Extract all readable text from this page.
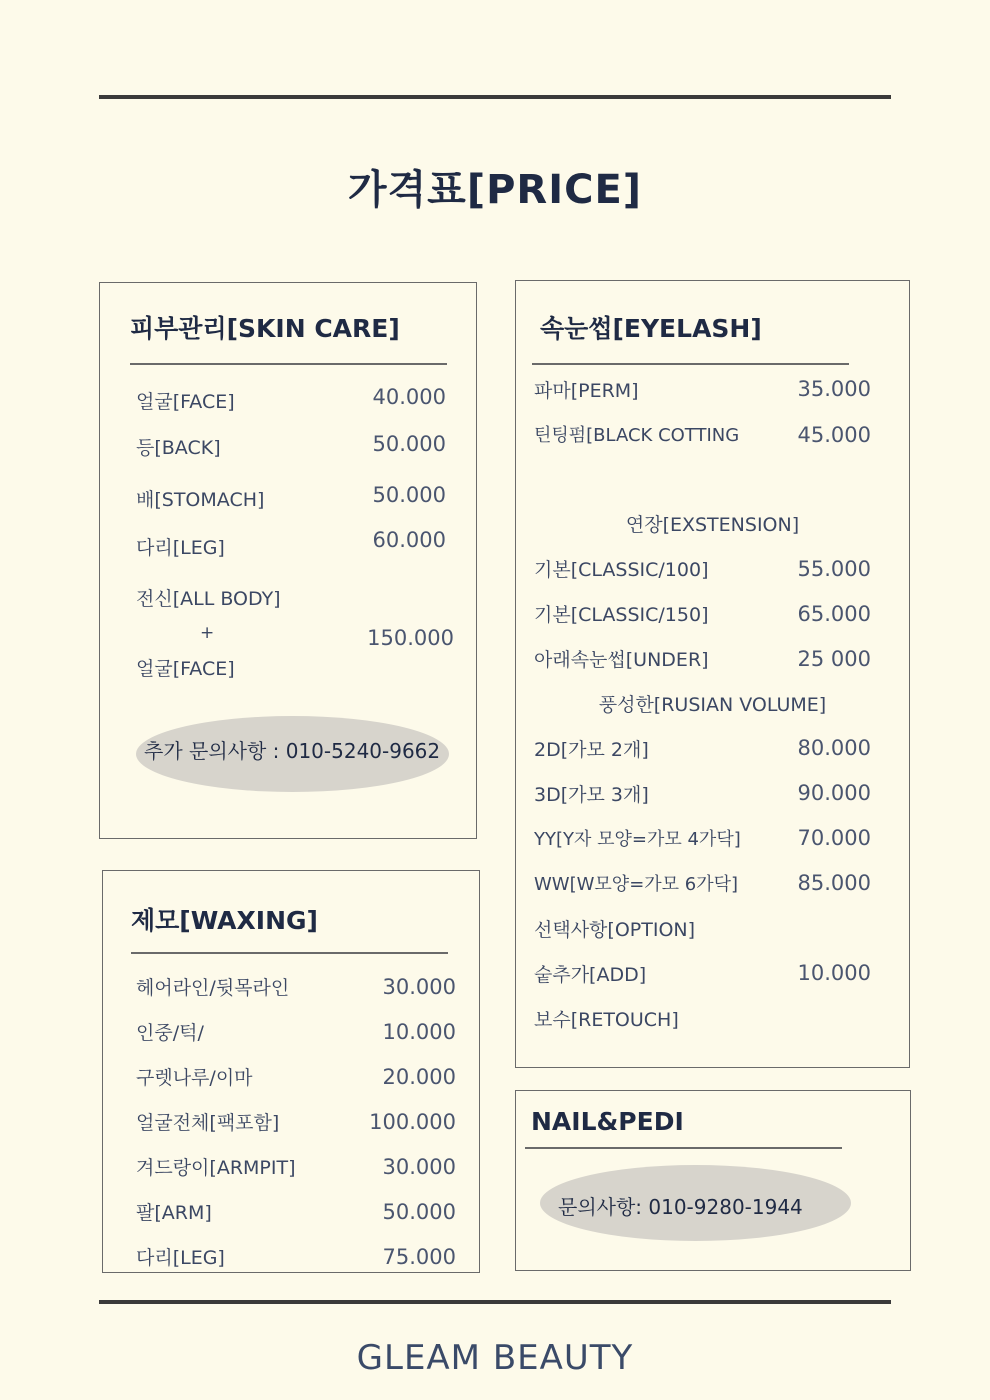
가격표[PRICE]
피부관리[SKIN CARE]
얼굴[FACE]	40.000
등[BACK]	50.000
배[STOMACH]	50.000
다리[LEG]	60.000
전신[ALL BODY]
+
얼굴[FACE]
150.000
추가 문의사항 : 010-5240-9662
제모[WAXING]
헤어라인/뒷목라인	30.000
인중/턱/	10.000
구렛나루/이마	20.000
얼굴전체[팩포함]	100.000
겨드랑이[ARMPIT]	30.000
팔[ARM]	50.000
다리[LEG]	75.000
속눈썹[EYELASH]
파마[PERM]	35.000
틴팅펌[BLACK COTTING	45.000
연장[EXSTENSION]
기본[CLASSIC/100]	55.000
기본[CLASSIC/150]	65.000
아래속눈썹[UNDER]	25 000
풍성한[RUSIAN VOLUME]
2D[가모 2개]	80.000
3D[가모 3개]	90.000
YY[Y자 모양=가모 4가닥]	70.000
WW[W모양=가모 6가닥]	85.000
선택사항[OPTION]
숱추가[ADD]	10.000
보수[RETOUCH]
NAIL&PEDI
문의사항: 010-9280-1944
GLEAM BEAUTY
